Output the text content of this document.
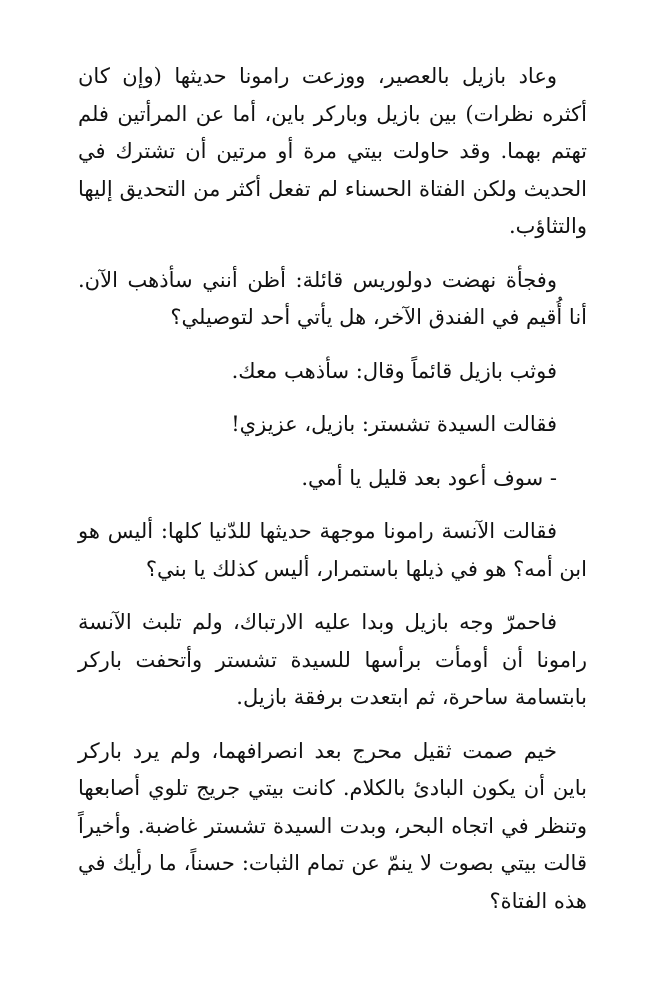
وعاد بازيل بالعصير، ووزعت رامونا حديثها (وإن كان أكثره نظرات) بين بازيل وباركر باين، أما عن المرأتين فلم تهتم بهما. وقد حاولت بيتي مرة أو مرتين أن تشترك في الحديث ولكن الفتاة الحسناء لم تفعل أكثر من التحديق إليها والتثاؤب.

وفجأة نهضت دولوريس قائلة: أظن أنني سأذهب الآن. أنا أُقيم في الفندق الآخر، هل يأتي أحد لتوصيلي؟

فوثب بازيل قائماً وقال: سأذهب معك.

فقالت السيدة تشستر: بازيل، عزيزي!

- سوف أعود بعد قليل يا أمي.

فقالت الآنسة رامونا موجهة حديثها للدّنيا كلها: أليس هو ابن أمه؟ هو في ذيلها باستمرار، أليس كذلك يا بني؟

فاحمرّ وجه بازيل وبدا عليه الارتباك، ولم تلبث الآنسة رامونا أن أومأت برأسها للسيدة تشستر وأتحفت باركر بابتسامة ساحرة، ثم ابتعدت برفقة بازيل.

خيم صمت ثقيل محرج بعد انصرافهما، ولم يرد باركر باين أن يكون البادئ بالكلام. كانت بيتي جريج تلوي أصابعها وتنظر في اتجاه البحر، وبدت السيدة تشستر غاضبة. وأخيراً قالت بيتي بصوت لا ينمّ عن تمام الثبات: حسناً، ما رأيك في هذه الفتاة؟
